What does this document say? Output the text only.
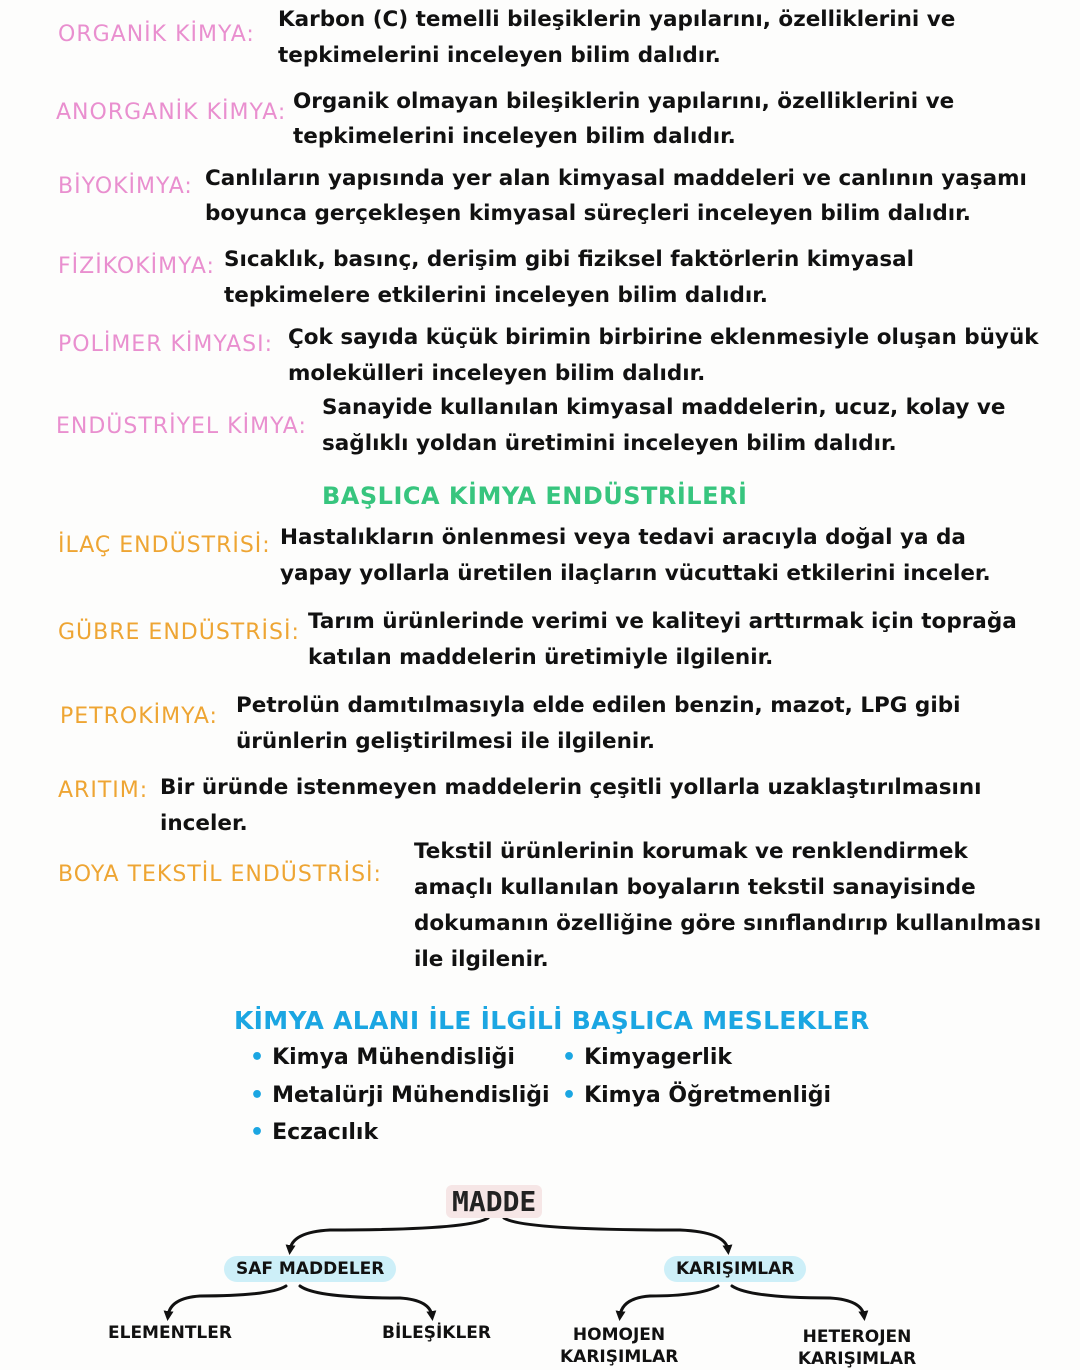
ORGANİK KİMYA:
Karbon (C) temelli bileşiklerin yapılarını, özelliklerini ve
tepkimelerini inceleyen bilim dalıdır.
ANORGANİK KİMYA: Organik olmayan bileşiklerin yapılarını, özelliklerini ve
tepkimelerini inceleyen bilim dalıdır.
BİYOKİMYA: Canlıların yapısında yer alan kimyasal maddeleri ve canlının yaşamı
boyunca gerçekleşen kimyasal süreçleri inceleyen bilim dalıdır.
FİZİKOKİMYA: Sıcaklık, basınç, derişim gibi fiziksel faktörlerin kimyasal
tepkimelere etkilerini inceleyen bilim dalıdır.
POLİMER KİMYASI: Çok sayıda küçük birimin birbirine eklenmesiyle oluşan büyük
molekülleri inceleyen bilim dalıdır.
ENDÜSTRİYEL KİMYA:
Sanayide kullanılan kimyasal maddelerin, ucuz, kolay ve
sağlıklı yoldan üretimini inceleyen bilim dalıdır.
BAŞLICA KİMYA ENDÜSTRİLERİ
İLAÇ ENDÜSTRİSİ: Hastalıkların önlenmesi veya tedavi aracıyla doğal ya da
yapay yollarla üretilen ilaçların vücuttaki etkilerini inceler.
GÜBRE ENDÜSTRİSİ: Tarım ürünlerinde verimi ve kaliteyi arttırmak için toprağa
katılan maddelerin üretimiyle ilgilenir.
PETROKİMYA: Petrolün damıtılmasıyla elde edilen benzin, mazot, LPG gibi
ürünlerin geliştirilmesi ile ilgilenir.
ARITIM: Bir üründe istenmeyen maddelerin çeşitli yollarla uzaklaştırılmasını
inceler.
BOYA TEKSTİL ENDÜSTRİSİ:
Tekstil ürünlerinin korumak ve renklendirmek
amaçlı kullanılan boyaların tekstil sanayisinde
dokumanın özelliğine göre sınıflandırıp kullanılması
ile ilgilenir.
KİMYA ALANI İLE İLGİLİ BAŞLICA MESLEKLER
• Kimya Mühendisliği • Kimyagerlik
• Metalürji Mühendisliği • Kimya Öğretmenliği
• Eczacılık
MADDE
SAF MADDELER	KARIŞIMLAR
ELEMENTLER	BİLEŞİKLER	HOMOJEN KARIŞIMLAR
HETEROJEN KARIŞIMLAR
